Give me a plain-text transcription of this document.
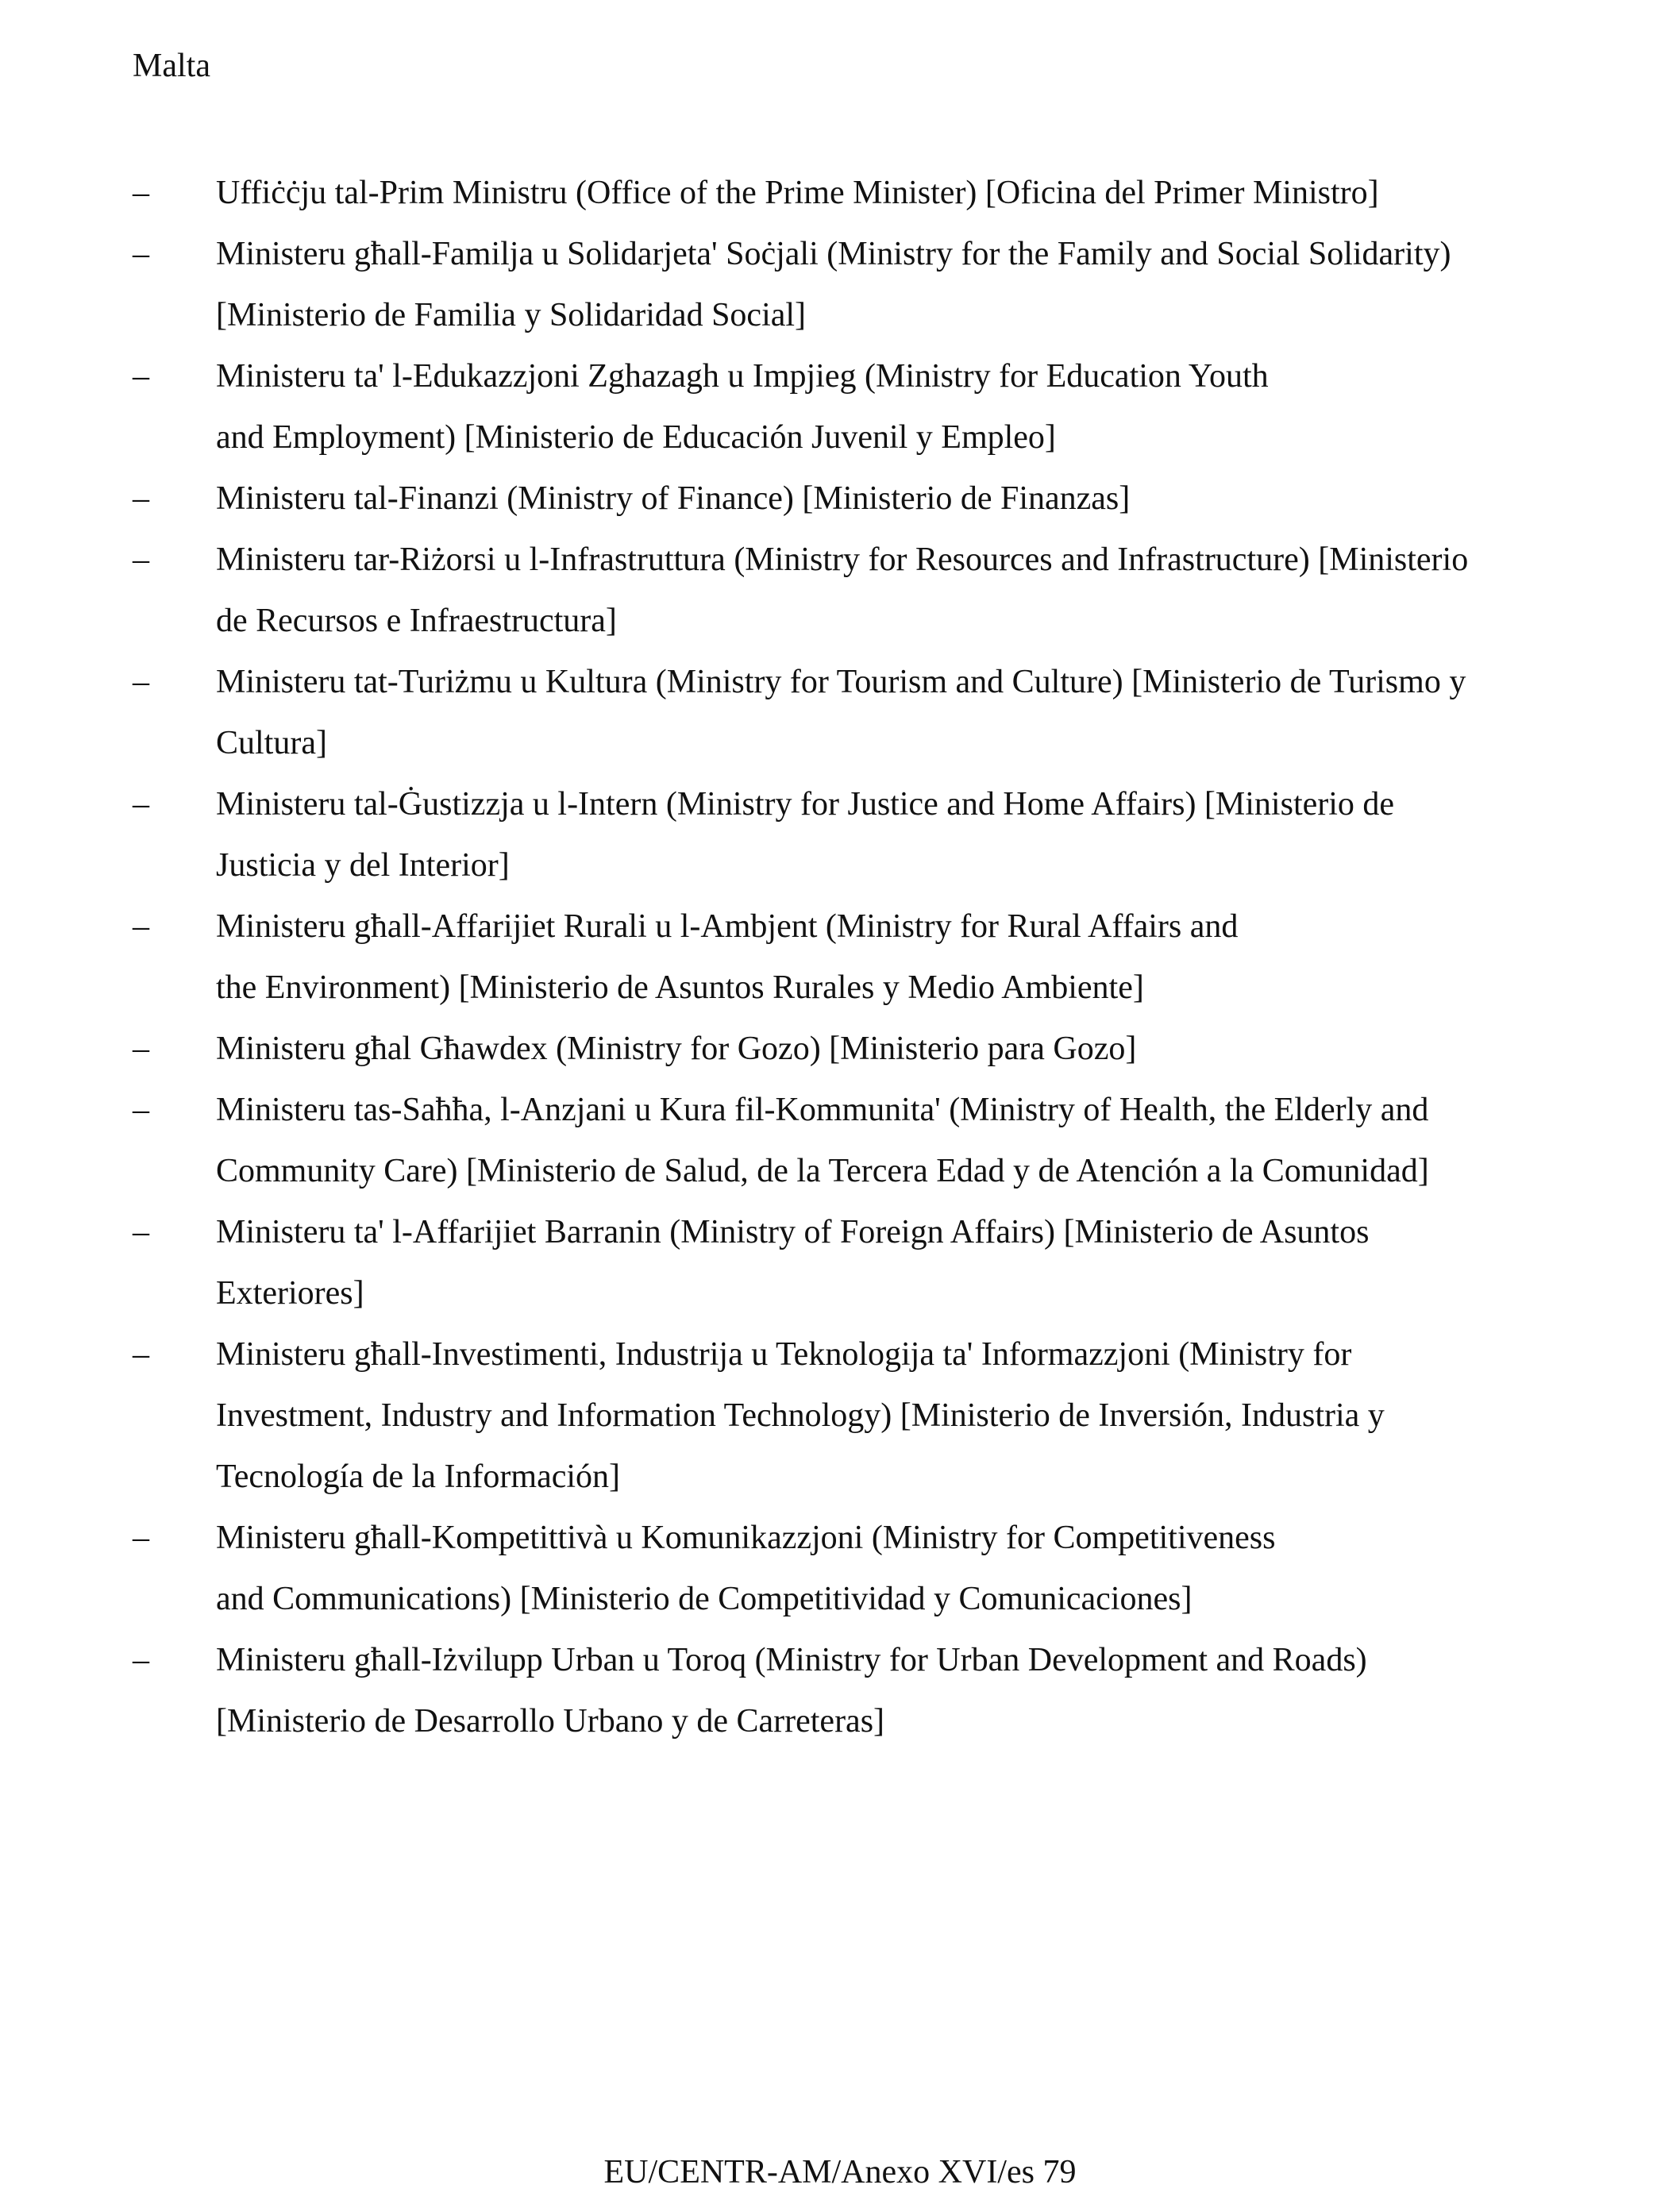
Malta
–	Uffiċċju tal-Prim Ministru (Office of the Prime Minister) [Oficina del Primer Ministro]
–	Ministeru għall-Familja u Solidarjeta' Soċjali (Ministry for the Family and Social Solidarity)
[Ministerio de Familia y Solidaridad Social]
–	Ministeru ta' l-Edukazzjoni Zghazagh u Impjieg (Ministry for Education Youth
and Employment) [Ministerio de Educación Juvenil y Empleo]
–	Ministeru tal-Finanzi (Ministry of Finance) [Ministerio de Finanzas]
–	Ministeru tar-Riżorsi u l-Infrastruttura (Ministry for Resources and Infrastructure) [Ministerio
de Recursos e Infraestructura]
–	Ministeru tat-Turiżmu u Kultura (Ministry for Tourism and Culture) [Ministerio de Turismo y
Cultura]
–	Ministeru tal-Ġustizzja u l-Intern (Ministry for Justice and Home Affairs) [Ministerio de
Justicia y del Interior]
–	Ministeru għall-Affarijiet Rurali u l-Ambjent (Ministry for Rural Affairs and
the Environment) [Ministerio de Asuntos Rurales y Medio Ambiente]
–	Ministeru għal Għawdex (Ministry for Gozo) [Ministerio para Gozo]
–	Ministeru tas-Saħħa, l-Anzjani u Kura fil-Kommunita' (Ministry of Health, the Elderly and
Community Care) [Ministerio de Salud, de la Tercera Edad y de Atención a la Comunidad]
–	Ministeru ta' l-Affarijiet Barranin (Ministry of Foreign Affairs) [Ministerio de Asuntos
Exteriores]
–	Ministeru għall-Investimenti, Industrija u Teknologija ta' Informazzjoni (Ministry for
Investment, Industry and Information Technology) [Ministerio de Inversión, Industria y
Tecnología de la Información]
–	Ministeru għall-Kompetittivà u Komunikazzjoni (Ministry for Competitiveness
and Communications) [Ministerio de Competitividad y Comunicaciones]
–	Ministeru għall-Iżvilupp Urban u Toroq (Ministry for Urban Development and Roads)
[Ministerio de Desarrollo Urbano y de Carreteras]

EU/CENTR-AM/Anexo XVI/es 79
